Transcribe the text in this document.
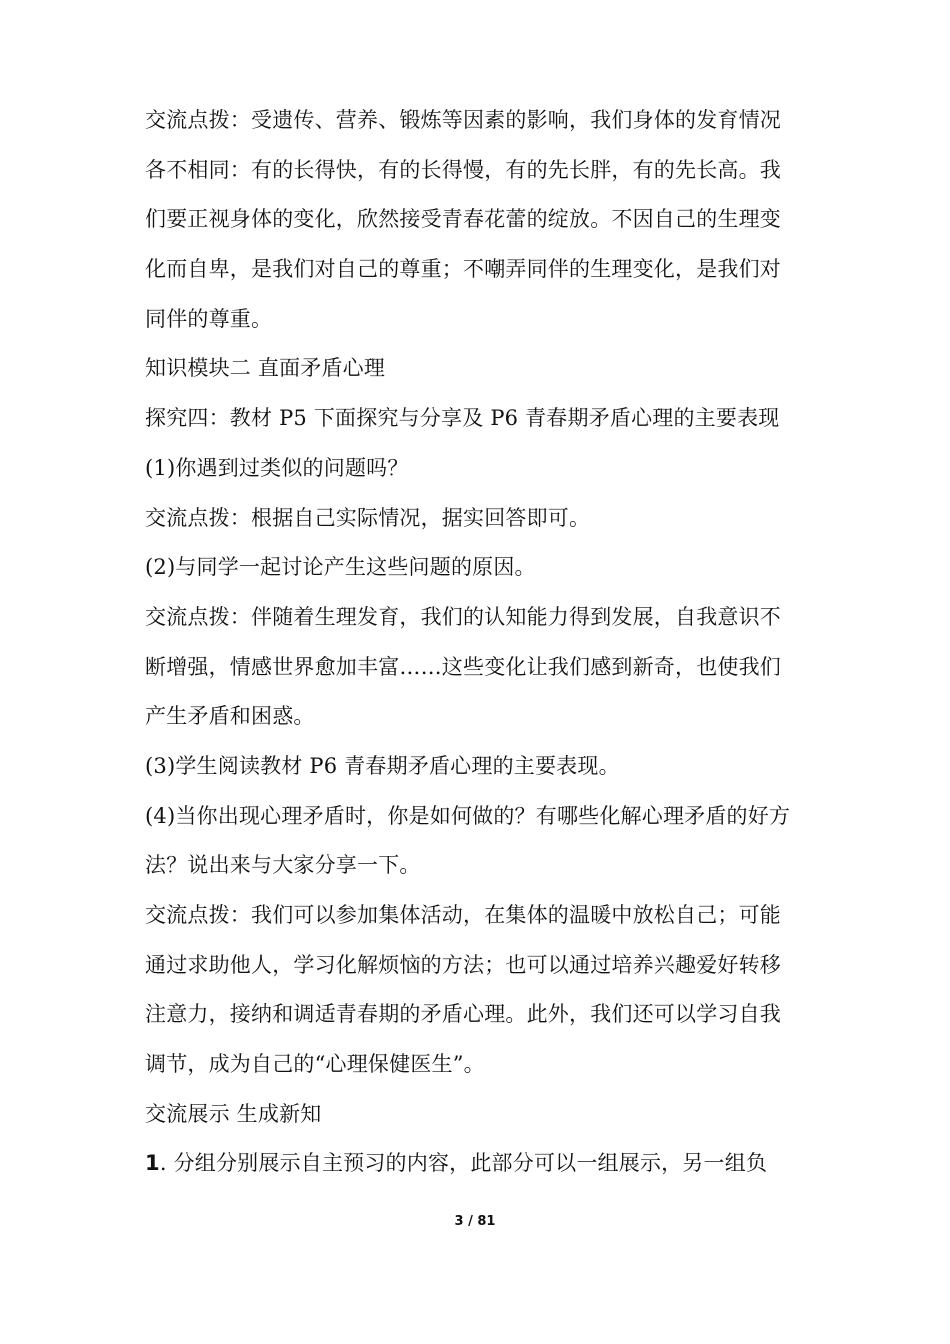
交流点拨：受遗传、营养、锻炼等因素的影响，我们身体的发育情况
各不相同：有的长得快，有的长得慢，有的先长胖，有的先长高。我
们要正视身体的变化，欣然接受青春花蕾的绽放。不因自己的生理变
化而自卑，是我们对自己的尊重；不嘲弄同伴的生理变化，是我们对
同伴的尊重。
知识模块二 直面矛盾心理
探究四：教材 P5 下面探究与分享及 P6 青春期矛盾心理的主要表现
(1)你遇到过类似的问题吗？
交流点拨：根据自己实际情况，据实回答即可。
(2)与同学一起讨论产生这些问题的原因。
交流点拨：伴随着生理发育，我们的认知能力得到发展，自我意识不
断增强，情感世界愈加丰富……这些变化让我们感到新奇，也使我们
产生矛盾和困惑。
(3)学生阅读教材 P6 青春期矛盾心理的主要表现。
(4)当你出现心理矛盾时，你是如何做的？有哪些化解心理矛盾的好方
法？说出来与大家分享一下。
交流点拨：我们可以参加集体活动，在集体的温暖中放松自己；可能
通过求助他人，学习化解烦恼的方法；也可以通过培养兴趣爱好转移
注意力，接纳和调适青春期的矛盾心理。此外，我们还可以学习自我
调节，成为自己的“心理保健医生”。
交流展示 生成新知
1. 分组分别展示自主预习的内容，此部分可以一组展示，另一组负
3 / 81
